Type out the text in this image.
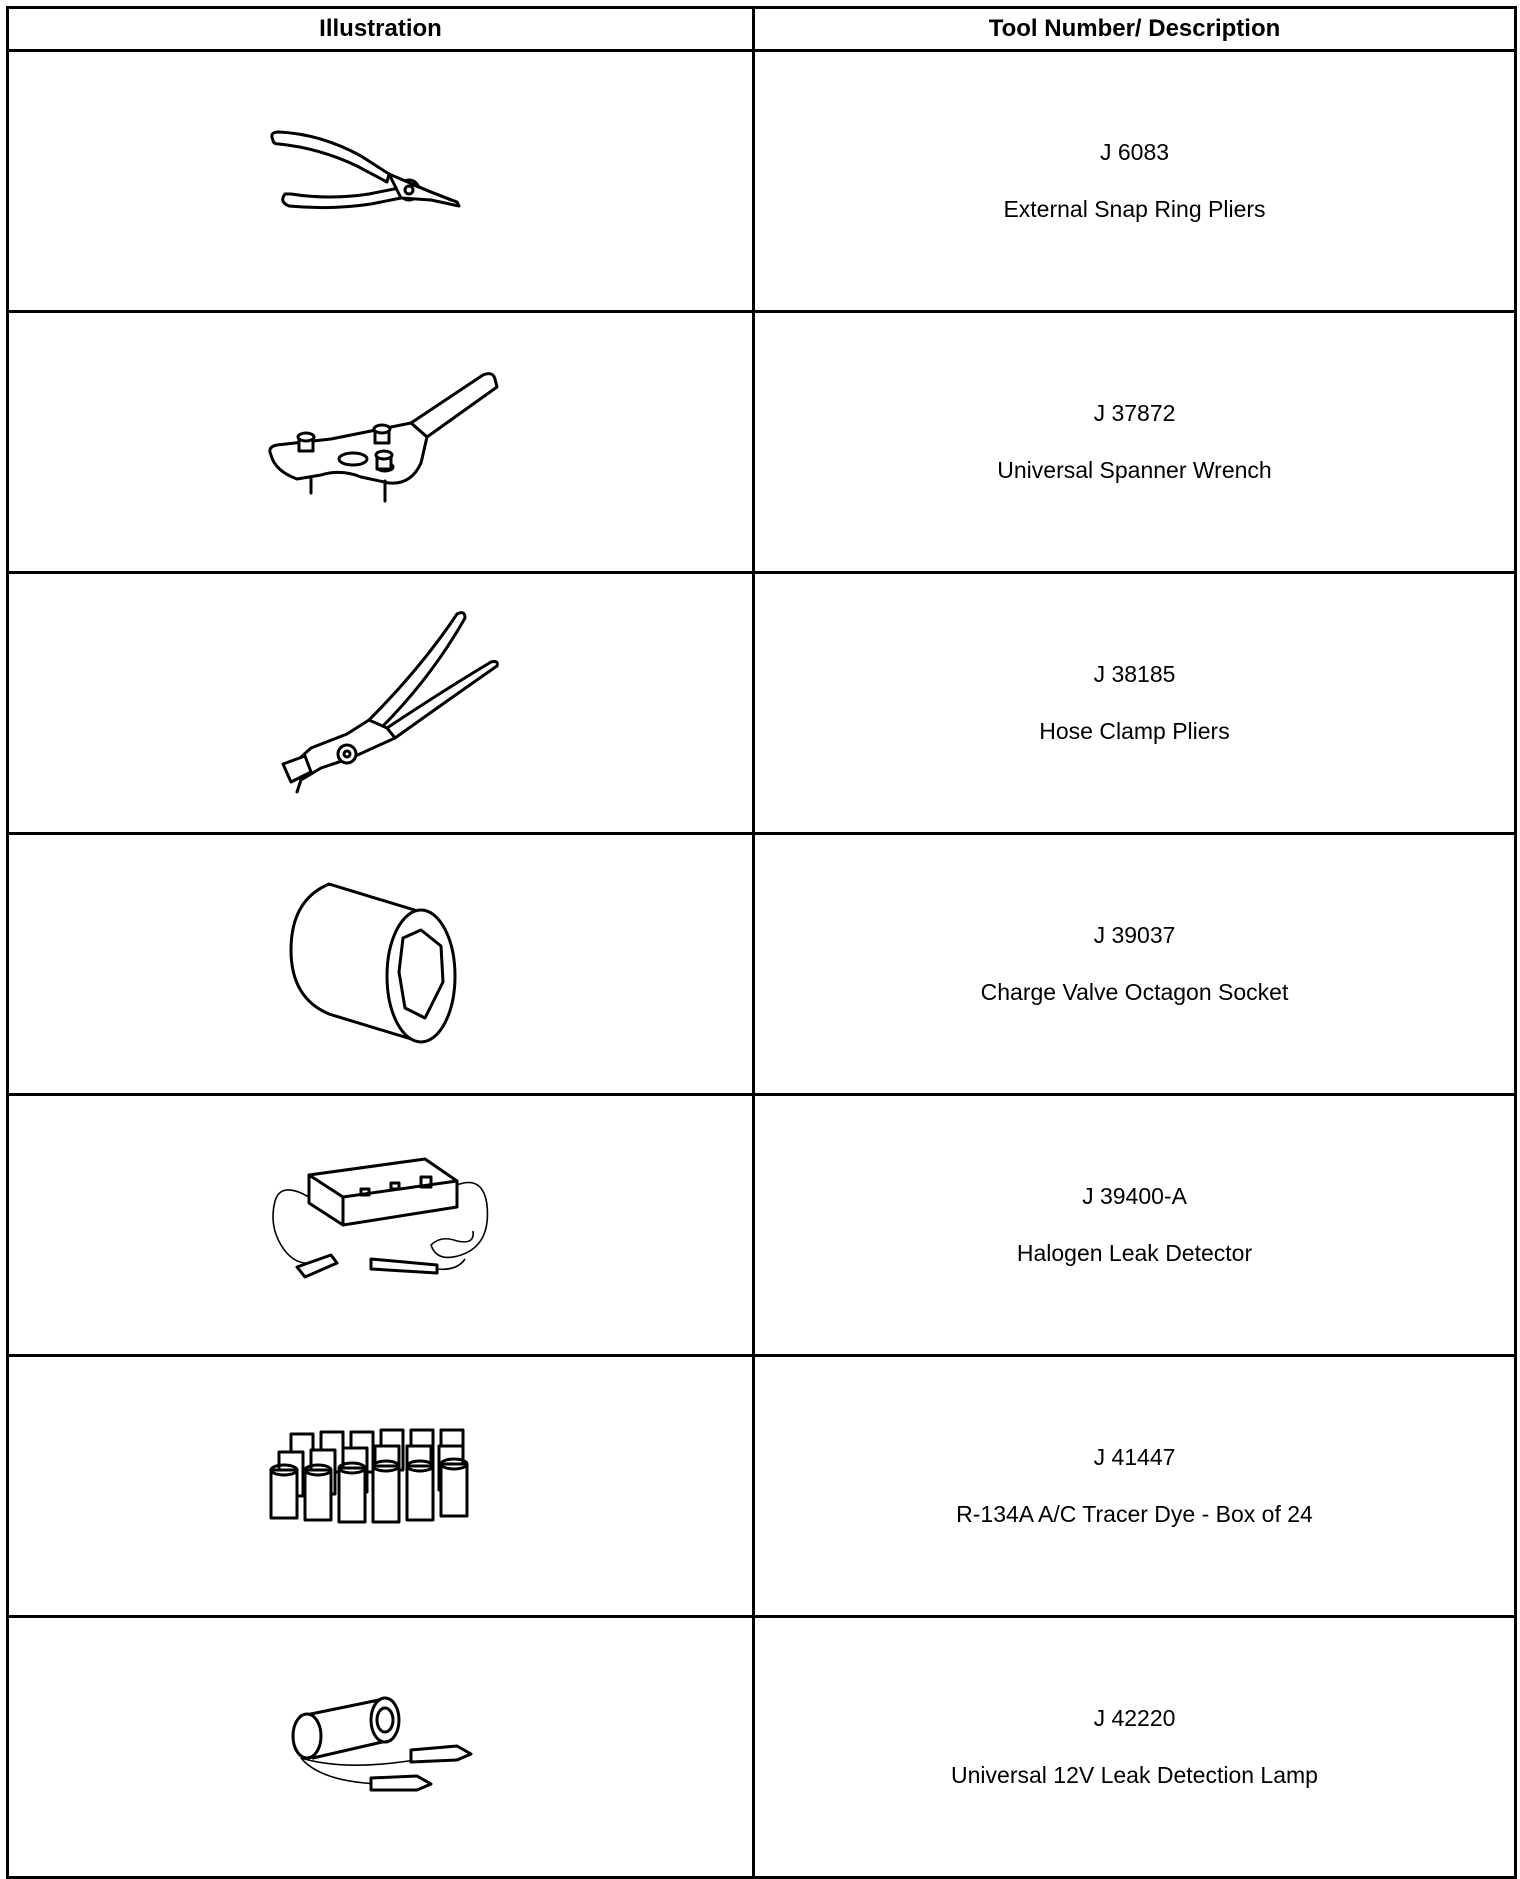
Illustration	Tool Number/ Description

J 6083
External Snap Ring Pliers

J 37872
Universal Spanner Wrench

J 38185
Hose Clamp Pliers

J 39037
Charge Valve Octagon Socket

J 39400-A
Halogen Leak Detector

J 41447
R-134A A/C Tracer Dye - Box of 24

J 42220
Universal 12V Leak Detection Lamp
